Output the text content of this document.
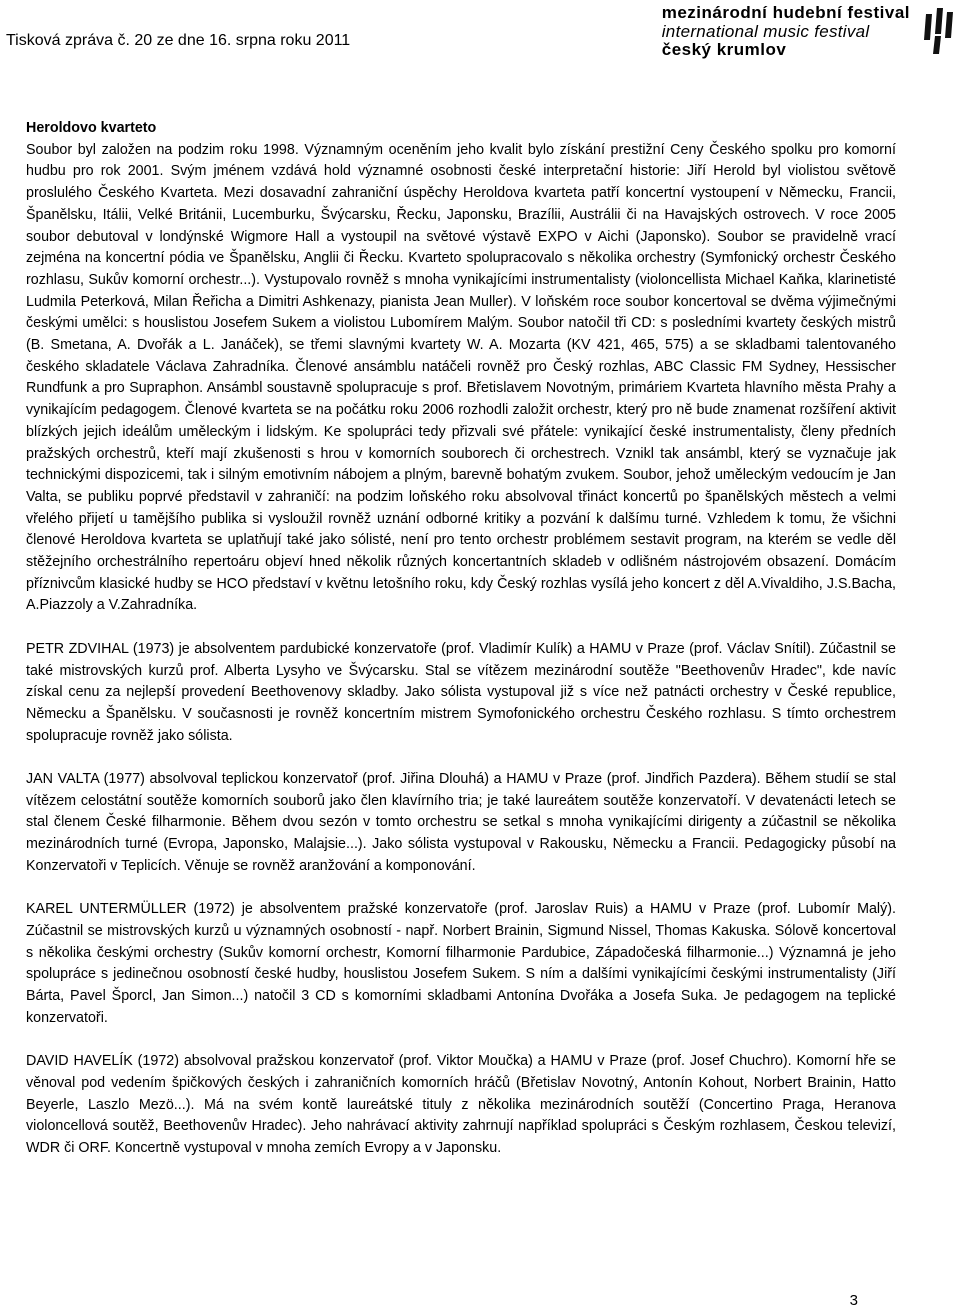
Tisková zpráva č. 20 ze dne 16. srpna roku 2011
mezinárodní hudební festival
international music festival
český krumlov
Heroldovo kvarteto

Soubor byl založen na podzim roku 1998. Významným oceněním jeho kvalit bylo získání prestižní Ceny Českého spolku pro komorní hudbu pro rok 2001. Svým jménem vzdává hold významné osobnosti české interpretační historie: Jiří Herold byl violistou světově proslulého Českého Kvarteta. Mezi dosavadní zahraniční úspěchy Heroldova kvarteta patří koncertní vystoupení v Německu, Francii, Španělsku, Itálii, Velké Británii, Lucemburku, Švýcarsku, Řecku, Japonsku, Brazílii, Austrálii či na Havajských ostrovech. V roce 2005 soubor debutoval v londýnské Wigmore Hall a vystoupil na světové výstavě EXPO v Aichi (Japonsko). Soubor se pravidelně vrací zejména na koncertní pódia ve Španělsku, Anglii či Řecku. Kvarteto spolupracovalo s několika orchestry (Symfonický orchestr Českého rozhlasu, Sukův komorní orchestr...). Vystupovalo rovněž s mnoha vynikajícími instrumentalisty (violoncellista Michael Kaňka, klarinetisté Ludmila Peterková, Milan Řeřicha a Dimitri Ashkenazy, pianista Jean Muller). V loňském roce soubor koncertoval se dvěma výjimečnými českými umělci: s houslistou Josefem Sukem a violistou Lubomírem Malým. Soubor natočil tři CD: s posledními kvartety českých mistrů (B. Smetana, A. Dvořák a L. Janáček), se třemi slavnými kvartety W. A. Mozarta (KV 421, 465, 575) a se skladbami talentovaného českého skladatele Václava Zahradníka. Členové ansámblu natáčeli rovněž pro Český rozhlas, ABC Classic FM Sydney, Hessischer Rundfunk a pro Supraphon. Ansámbl soustavně spolupracuje s prof. Břetislavem Novotným, primáriem Kvarteta hlavního města Prahy a vynikajícím pedagogem. Členové kvarteta se na počátku roku 2006 rozhodli založit orchestr, který pro ně bude znamenat rozšíření aktivit blízkých jejich ideálům uměleckým i lidským. Ke spolupráci tedy přizvali své přátele: vynikající české instrumentalisty, členy předních pražských orchestrů, kteří mají zkušenosti s hrou v komorních souborech či orchestrech. Vznikl tak ansámbl, který se vyznačuje jak technickými dispozicemi, tak i silným emotivním nábojem a plným, barevně bohatým zvukem. Soubor, jehož uměleckým vedoucím je Jan Valta, se publiku poprvé představil v zahraničí: na podzim loňského roku absolvoval třináct koncertů po španělských městech a velmi vřelého přijetí u tamějšího publika si vysloužil rovněž uznání odborné kritiky a pozvání k dalšímu turné. Vzhledem k tomu, že všichni členové Heroldova kvarteta se uplatňují také jako sólisté, není pro tento orchestr problémem sestavit program, na kterém se vedle děl stěžejního orchestrálního repertoáru objeví hned několik různých koncertantních skladeb v odlišném nástrojovém obsazení. Domácím příznivcům klasické hudby se HCO představí v květnu letošního roku, kdy Český rozhlas vysílá jeho koncert z děl A.Vivaldiho, J.S.Bacha, A.Piazzoly a V.Zahradníka.

PETR ZDVIHAL (1973) je absolventem pardubické konzervatoře (prof. Vladimír Kulík) a HAMU v Praze (prof. Václav Snítil). Zúčastnil se také mistrovských kurzů prof. Alberta Lysyho ve Švýcarsku. Stal se vítězem mezinárodní soutěže "Beethovenův Hradec", kde navíc získal cenu za nejlepší provedení Beethovenovy skladby. Jako sólista vystupoval již s více než patnácti orchestry v České republice, Německu a Španělsku. V současnosti je rovněž koncertním mistrem Symofonického orchestru Českého rozhlasu. S tímto orchestrem spolupracuje rovněž jako sólista.

JAN VALTA (1977) absolvoval teplickou konzervatoř (prof. Jiřina Dlouhá) a HAMU v Praze (prof. Jindřich Pazdera). Během studií se stal vítězem celostátní soutěže komorních souborů jako člen klavírního tria; je také laureátem soutěže konzervatoří. V devatenácti letech se stal členem České filharmonie. Během dvou sezón v tomto orchestru se setkal s mnoha vynikajícími dirigenty a zúčastnil se několika mezinárodních turné (Evropa, Japonsko, Malajsie...). Jako sólista vystupoval v Rakousku, Německu a Francii. Pedagogicky působí na Konzervatoři v Teplicích. Věnuje se rovněž aranžování a komponování.

KAREL UNTERMÜLLER (1972) je absolventem pražské konzervatoře (prof. Jaroslav Ruis) a HAMU v Praze (prof. Lubomír Malý). Zúčastnil se mistrovských kurzů u významných osobností - např. Norbert Brainin, Sigmund Nissel, Thomas Kakuska. Sólově koncertoval s několika českými orchestry (Sukův komorní orchestr, Komorní filharmonie Pardubice, Západočeská filharmonie...) Významná je jeho spolupráce s jedinečnou osobností české hudby, houslistou Josefem Sukem. S ním a dalšími vynikajícími českými instrumentalisty (Jiří Bárta, Pavel Šporcl, Jan Simon...) natočil 3 CD s komorními skladbami Antonína Dvořáka a Josefa Suka. Je pedagogem na teplické konzervatoři.

DAVID HAVELÍK (1972) absolvoval pražskou konzervatoř (prof. Viktor Moučka) a HAMU v Praze (prof. Josef Chuchro). Komorní hře se věnoval pod vedením špičkových českých i zahraničních komorních hráčů (Břetislav Novotný, Antonín Kohout, Norbert Brainin, Hatto Beyerle, Laszlo Mezö...). Má na svém kontě laureátské tituly z několika mezinárodních soutěží (Concertino Praga, Heranova violoncellová soutěž, Beethovenův Hradec). Jeho nahrávací aktivity zahrnují například spolupráci s Českým rozhlasem, Českou televizí, WDR či ORF. Koncertně vystupoval v mnoha zemích Evropy a v Japonsku.

3
